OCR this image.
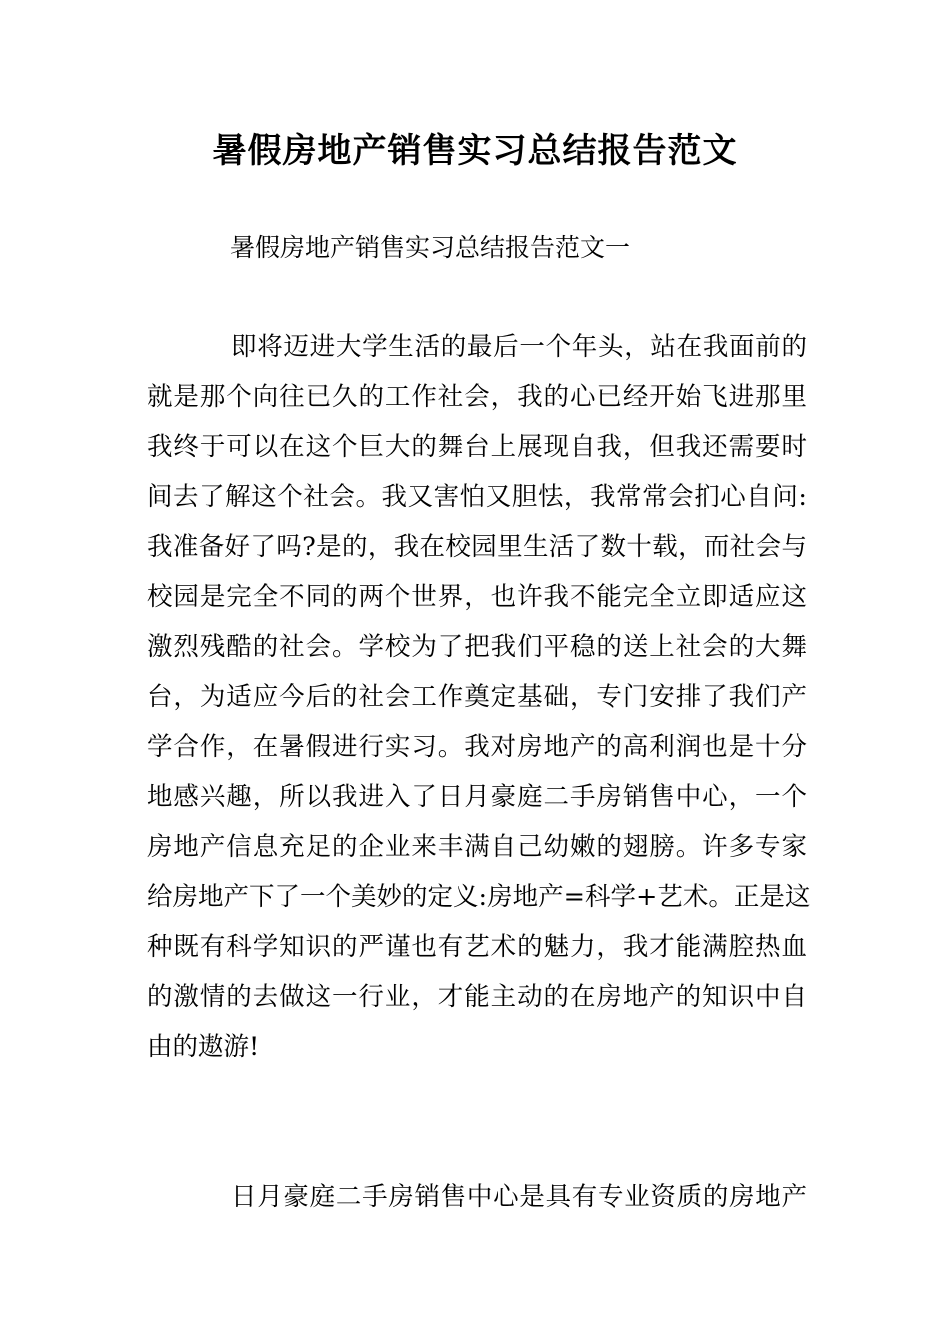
暑假房地产销售实习总结报告范文
暑假房地产销售实习总结报告范文一
即将迈进大学生活的最后一个年头，站在我面前的
就是那个向往已久的工作社会，我的心已经开始飞进那里
我终于可以在这个巨大的舞台上展现自我，但我还需要时
间去了解这个社会。我又害怕又胆怯，我常常会扪心自问:
我准备好了吗?是的，我在校园里生活了数十载，而社会与
校园是完全不同的两个世界，也许我不能完全立即适应这
激烈残酷的社会。学校为了把我们平稳的送上社会的大舞
台，为适应今后的社会工作奠定基础，专门安排了我们产
学合作，在暑假进行实习。我对房地产的高利润也是十分
地感兴趣，所以我进入了日月豪庭二手房销售中心，一个
房地产信息充足的企业来丰满自己幼嫩的翅膀。许多专家
给房地产下了一个美妙的定义:房地产=科学+艺术。正是这
种既有科学知识的严谨也有艺术的魅力，我才能满腔热血
的激情的去做这一行业，才能主动的在房地产的知识中自
由的遨游!
日月豪庭二手房销售中心是具有专业资质的房地产
